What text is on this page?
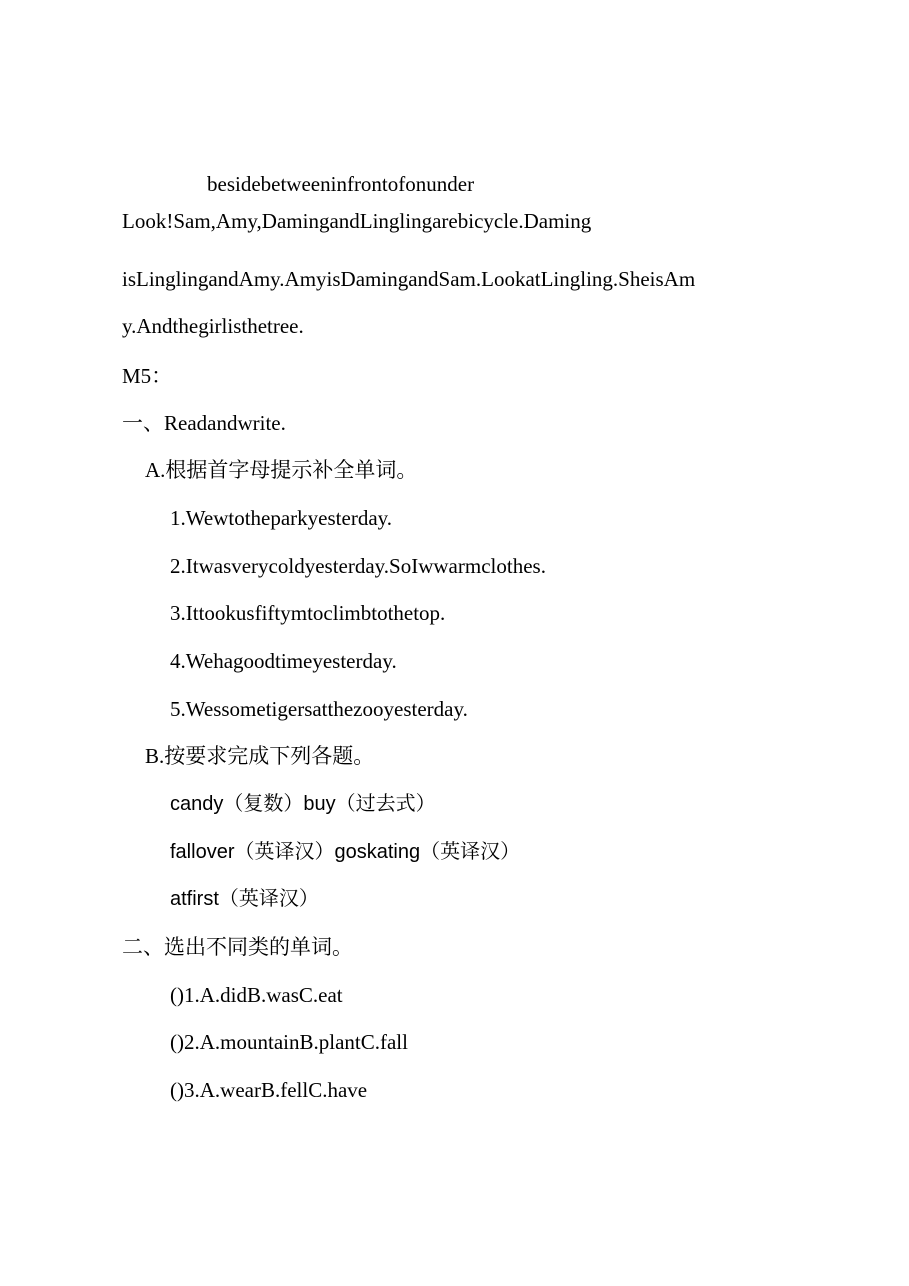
besidebetweeninfrontofonunder
Look!Sam,Amy,DamingandLinglingarebicycle.Daming
isLinglingandAmy.AmyisDamingandSam.LookatLingling.SheisAm
y.Andthegirlisthetree.
M5：
一、Readandwrite.
A.根据首字母提示补全单词。
1.Wewtotheparkyesterday.
2.Itwasverycoldyesterday.SoIwwarmclothes.
3.Ittookusfiftymtoclimbtothetop.
4.Wehagoodtimeyesterday.
5.Wessometigersatthezooyesterday.
B.按要求完成下列各题。
candy（复数）buy（过去式）
fallover（英译汉）goskating（英译汉）
atfirst（英译汉）
二、选出不同类的单词。
()1.A.didB.wasC.eat
()2.A.mountainB.plantC.fall
()3.A.wearB.fellC.have
